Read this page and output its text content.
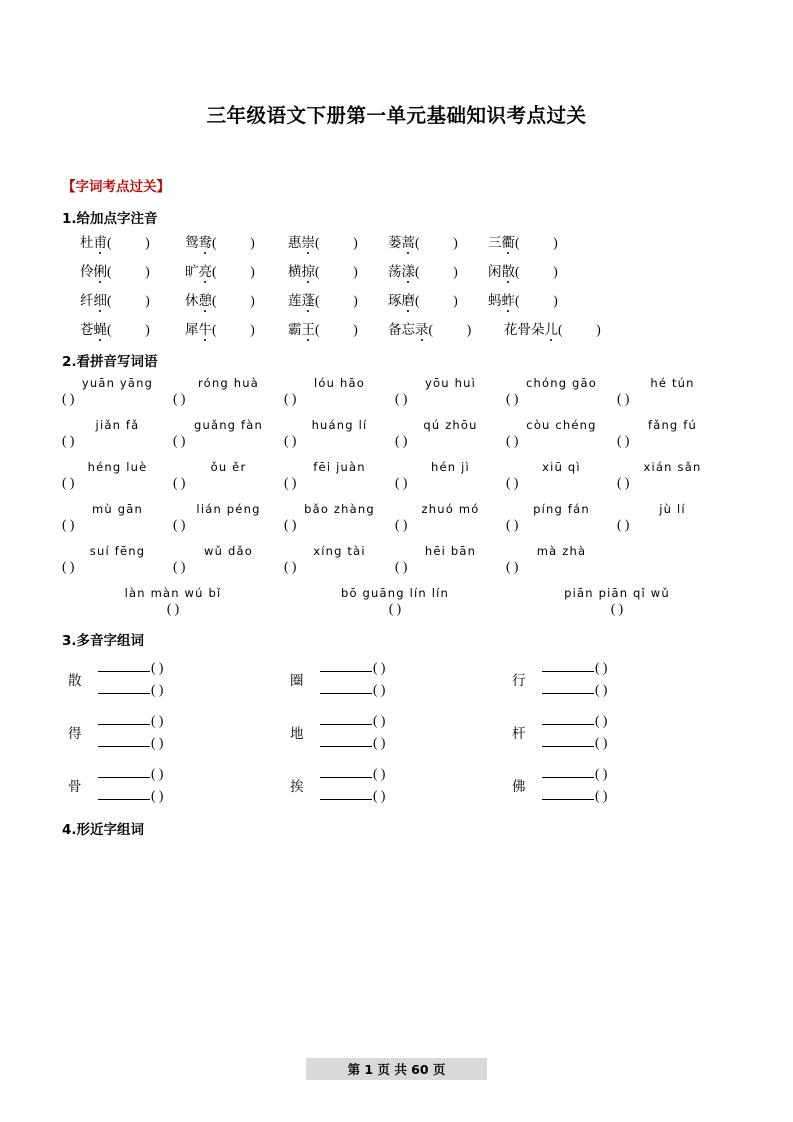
三年级语文下册第一单元基础知识考点过关
【字词考点过关】
1.给加点字注音
杜甫 (   )	鸳鸯 (   ) 惠崇 (   ) 蒌蒿 (   ) 三衢 (   )
伶俐 (   )	旷亮 (   ) 横掠 (   ) 荡漾 (   ) 闲散 (   )
纤细 (   )	休憩 (   ) 莲蓬 (   ) 琢磨 (   ) 蚂蚱 (   )
苍蝇 (   )	犀牛 (   ) 霸王 (   ) 备忘录 (   ) 花骨朵儿 (   )
2.看拼音写词语
yuān yāng	róng huà	lóu hāo	yōu huì	chóng gāo	hé tún
( )	( )	( )	( )	( )	( )
jiǎn fǎ	guǎng fàn	huáng lí	qú zhōu	còu chéng	fǎng fú
( )	( )	( )	( )	( )	( )
héng luè	ǒu ěr	fēi juàn	hén jì	xiū qì	xián sǎn
( )	( )	( )	( )	( )	( )
mù gān	lián péng	bǎo zhàng	zhuó mó	píng fán	jù lí
( )	( )	( )	( )	( )	( )
suí fēng	wǔ dǎo	xíng tài	hēi bān	mà zhà
( )	( )	( )	( )	( )
làn màn wú bǐ	bō guāng lín lín	piān piān qǐ wǔ
( )	( )	( )
3.多音字组词
散
( )
( )
圈
( )
( )
行
( )
( )
得
( )
( )
地
( )
( )
杆
( )
( )
骨
( )
( )
挨
( )
( )
佛
( )
( )
4.形近字组词
第 1 页 共 60 页
